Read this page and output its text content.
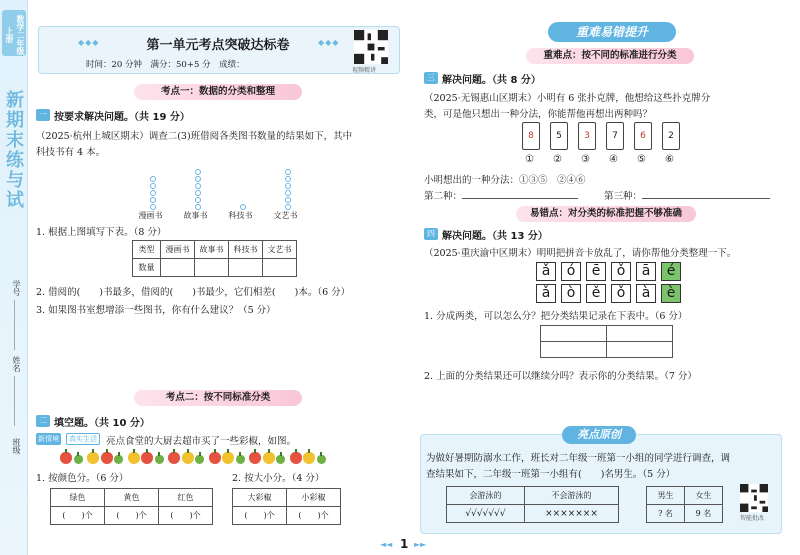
数学二年级上册
新期末练与试
学号
姓名
班级
◆◆◆	第一单元考点突破达标卷	◆◆◆
时间：20 分钟　满分：50+5 分　成绩：
视频精讲
考点一：数据的分类和整理
一 按要求解决问题。（共 19 分）
（2025·杭州上城区期末）调查二(3)班借阅各类图书数量的结果如下，其中
科技书有 4 本。
漫画书	故事书	科技书	文艺书
1. 根据上图填写下表。（8 分）
类型	漫画书	故事书	科技书	文艺书
数量				
2. 借阅的(　　)书最多，借阅的(　　)书最少，它们相差(　　)本。（6 分）
3. 如果图书室想增添一些图书，你有什么建议？（5 分）
考点二：按不同标准分类
二 填空题。（共 10 分）
新情境	真实生活 亮点食堂的大厨去超市买了一些彩椒，如图。
1. 按颜色分。（6 分）	2. 按大小分。（4 分）
绿色	黄色	红色
(　　)个	(　　)个	(　　)个
大彩椒	小彩椒
(　　)个	(　　)个
重难易错提升
重难点：按不同的标准进行分类
三 解决问题。（共 8 分）
（2025·无锡惠山区期末）小明有 6 张扑克牌，他想给这些扑克牌分
类，可是他只想出一种分法，你能帮他再想出两种吗？
8
①
5
②
3
③
7
④
6
⑤
2
⑥
小明想出的一种分法：①③⑤　②④⑥
第二种：	第三种：
易错点：对分类的标准把握不够准确
四 解决问题。（共 13 分）
（2025·重庆渝中区期末）明明把拼音卡放乱了，请你帮他分类整理一下。
ǎ	ó	ē	ǒ	ā	é
ǎ	ò	ě	ǒ	à	è
1. 分成两类，可以怎么分？把分类结果记录在下表中。（6 分）

2. 上面的分类结果还可以继续分吗？表示你的分类结果。（7 分）
亮点原创
为做好暑期防溺水工作，班长对二年级一班第一小组的同学进行调查，调
查结果如下，二年级一班第一小组有(　　)名男生。（5 分）
会游泳的	不会游泳的
√√√√√√√	×××××××
男生	女生
? 名	9 名
智能批改
◄◄ 1 ►►
